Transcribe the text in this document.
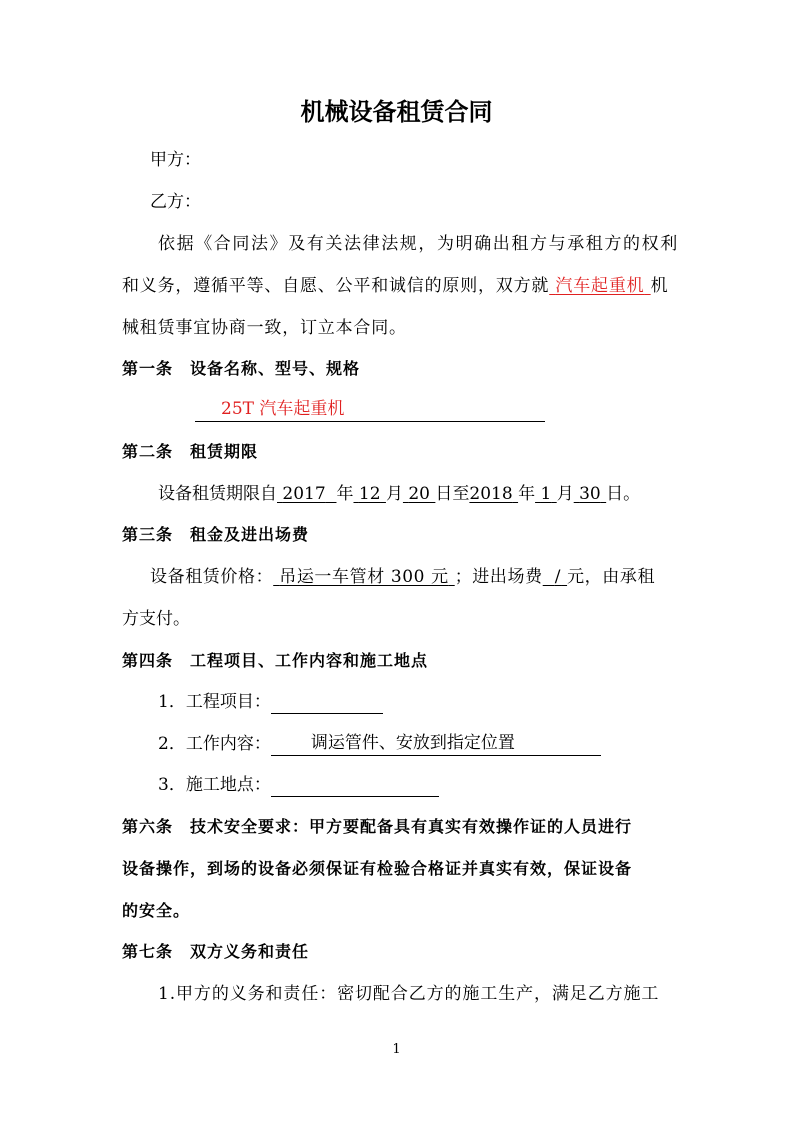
机械设备租赁合同
甲方：
乙方：
依据《合同法》及有关法律法规，为明确出租方与承租方的权利
和义务，遵循平等、自愿、公平和诚信的原则，双方就 汽车起重机 机
械租赁事宜协商一致，订立本合同。
第一条　设备名称、型号、规格
25T 汽车起重机
第二条　租赁期限
设备租赁期限自 2017 年 12 月 20 日至2018 年 1 月 30 日。
第三条　租金及进出场费
设备租赁价格： 吊运一车管材 300 元 ；进出场费 / 元，由承租
方支付。
第四条　工程项目、工作内容和施工地点
1．工程项目：
2．工作内容： 调运管件、安放到指定位置
3．施工地点：
第六条　技术安全要求：甲方要配备具有真实有效操作证的人员进行
设备操作，到场的设备必须保证有检验合格证并真实有效，保证设备
的安全。
第七条　双方义务和责任
1.甲方的义务和责任：密切配合乙方的施工生产，满足乙方施工
1
